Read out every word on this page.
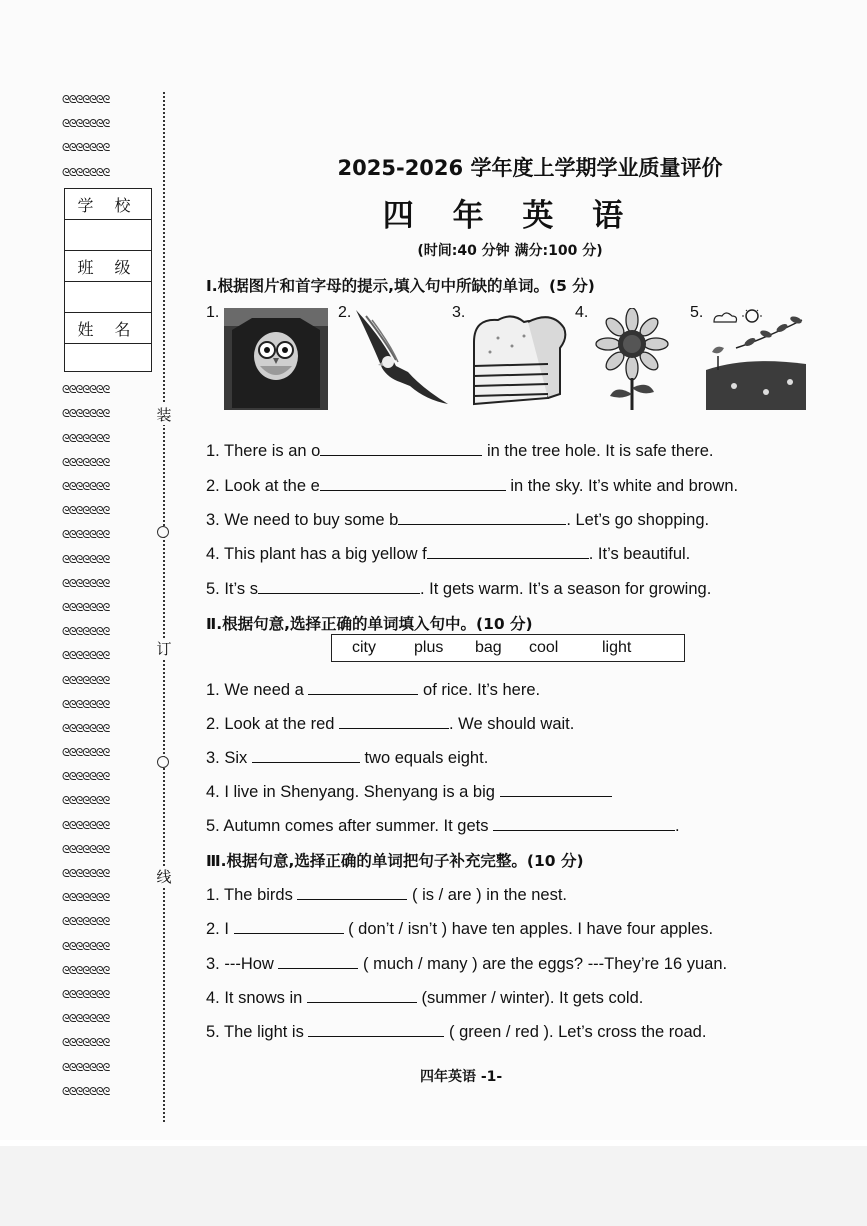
ᘓᘓᘓᘓᘓᘓᘓ
ᘓᘓᘓᘓᘓᘓᘓ
ᘓᘓᘓᘓᘓᘓᘓ
ᘓᘓᘓᘓᘓᘓᘓ
ᘓᘓᘓᘓᘓᘓᘓ
ᘓᘓᘓᘓᘓᘓᘓ
ᘓᘓᘓᘓᘓᘓᘓ
ᘓᘓᘓᘓᘓᘓᘓ
ᘓᘓᘓᘓᘓᘓᘓ
ᘓᘓᘓᘓᘓᘓᘓ
ᘓᘓᘓᘓᘓᘓᘓ
ᘓᘓᘓᘓᘓᘓᘓ
ᘓᘓᘓᘓᘓᘓᘓ
ᘓᘓᘓᘓᘓᘓᘓ
ᘓᘓᘓᘓᘓᘓᘓ
ᘓᘓᘓᘓᘓᘓᘓ
ᘓᘓᘓᘓᘓᘓᘓ
ᘓᘓᘓᘓᘓᘓᘓ
ᘓᘓᘓᘓᘓᘓᘓ
ᘓᘓᘓᘓᘓᘓᘓ
ᘓᘓᘓᘓᘓᘓᘓ
ᘓᘓᘓᘓᘓᘓᘓ
ᘓᘓᘓᘓᘓᘓᘓ
ᘓᘓᘓᘓᘓᘓᘓ
ᘓᘓᘓᘓᘓᘓᘓ
ᘓᘓᘓᘓᘓᘓᘓ
ᘓᘓᘓᘓᘓᘓᘓ
ᘓᘓᘓᘓᘓᘓᘓ
ᘓᘓᘓᘓᘓᘓᘓ
ᘓᘓᘓᘓᘓᘓᘓ
ᘓᘓᘓᘓᘓᘓᘓ
ᘓᘓᘓᘓᘓᘓᘓ
ᘓᘓᘓᘓᘓᘓᘓ
ᘓᘓᘓᘓᘓᘓᘓ
学 校
班 级
姓 名
装
订
线
2025-2026 学年度上学期学业质量评价
四 年 英 语
(时间:40 分钟 满分:100 分)
Ⅰ.根据图片和首字母的提示,填入句中所缺的单词。(5 分)
1.	2.	3.	4.	5.
1. There is an o	in the tree hole. It is safe there.
2. Look at the e	in the sky. It’s white and brown.
3. We need to buy some b	. Let’s go shopping.
4. This plant has a big yellow f	. It’s beautiful.
5. It’s s	. It gets warm. It’s a season for growing.
Ⅱ.根据句意,选择正确的单词填入句中。(10 分)
city plus bag cool	light
1. We need a	of rice. It’s here.
2. Look at the red	. We should wait.
3. Six	two equals eight.
4. I live in Shenyang. Shenyang is a big
5. Autumn comes after summer. It gets	.
Ⅲ.根据句意,选择正确的单词把句子补充完整。(10 分)
1. The birds	( is / are ) in the nest.
2. I	( don’t / isn’t ) have ten apples. I have four apples.
3. ---How	( much / many ) are the eggs? ---They’re 16 yuan.
4. It snows in	(summer / winter). It gets cold.
5. The light is	( green / red ). Let’s cross the road.
四年英语 -1-
